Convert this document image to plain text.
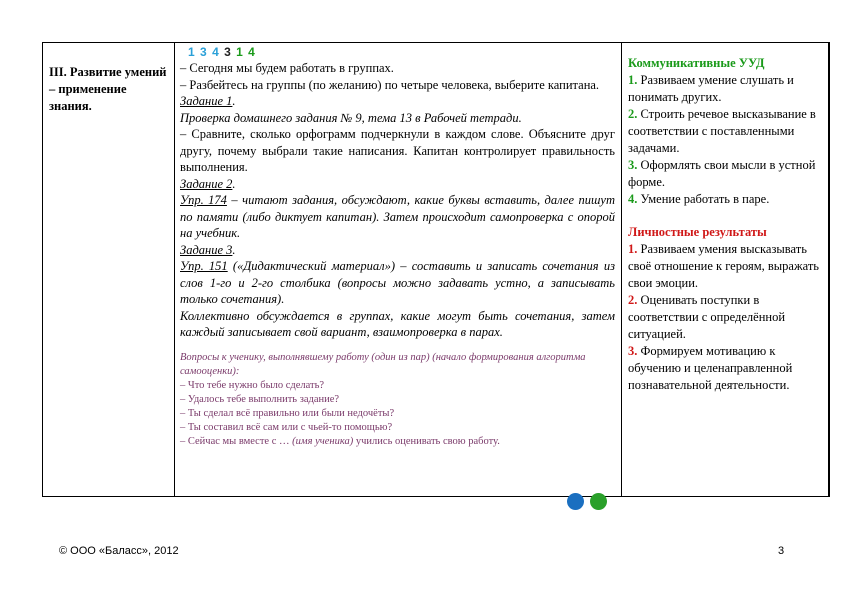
III. Развитие умений – применение знания.
1 3 4 3 1 4
– Сегодня мы будем работать в группах.
– Разбейтесь на группы (по желанию) по четыре человека, выберите капитана.
Задание 1.
Проверка домашнего задания № 9, тема 13 в Рабочей тетради.
– Сравните, сколько орфограмм подчеркнули в каждом слове. Объясните друг другу, почему выбрали такие написания. Капитан контролирует правильность выполнения.
Задание 2.
Упр. 174 – читают задания, обсуждают, какие буквы вставить, далее пишут по памяти (либо диктует капитан). Затем происходит самопроверка с опорой на учебник.
Задание 3.
Упр. 151 («Дидактический материал») – составить и записать сочетания из слов 1-го и 2-го столбика (вопросы можно задавать устно, а записывать только сочетания).
Коллективно обсуждается в группах, какие могут быть сочетания, затем каждый записывает свой вариант, взаимопроверка в парах.
Вопросы к ученику, выполнявшему работу (один из пар) (начало формирования алгоритма самооценки):
– Что тебе нужно было сделать?
– Удалось тебе выполнить задание?
– Ты сделал всё правильно или были недочёты?
– Ты составил всё сам или с чьей-то помощью?
– Сейчас мы вместе с … (имя ученика) учились оценивать свою работу.
Коммуникативные УУД
1. Развиваем умение слушать и понимать других.
2. Строить речевое высказывание в соответствии с поставленными задачами.
3. Оформлять свои мысли в устной форме.
4. Умение работать в паре.
Личностные результаты
1. Развиваем умения высказывать своё отношение к героям, выражать свои эмоции.
2. Оценивать поступки в соответствии с определённой ситуацией.
3. Формируем мотивацию к обучению и целенаправленной познавательной деятельности.
© ООО «Баласс», 2012	3
